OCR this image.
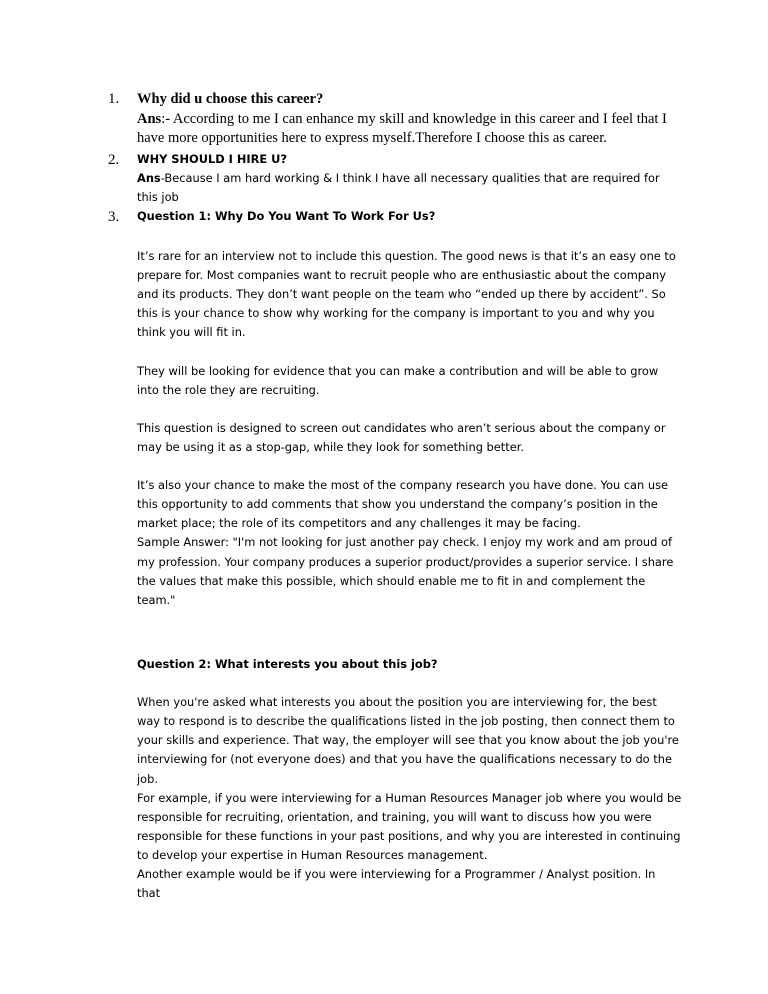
1.	Why did u choose this career?
Ans:- According to me I can enhance my skill and knowledge in this career and I feel that I have more opportunities here to express myself.Therefore I choose this as career.
2.	WHY SHOULD I HIRE U?
Ans-Because I am hard working & I think I have all necessary qualities that are required for this job
3.	Question 1: Why Do You Want To Work For Us?

It’s rare for an interview not to include this question. The good news is that it’s an easy one to prepare for. Most companies want to recruit people who are enthusiastic about the company and its products. They don’t want people on the team who “ended up there by accident”. So this is your chance to show why working for the company is important to you and why you think you will fit in.

They will be looking for evidence that you can make a contribution and will be able to grow into the role they are recruiting.

This question is designed to screen out candidates who aren’t serious about the company or may be using it as a stop-gap, while they look for something better.

It’s also your chance to make the most of the company research you have done. You can use this opportunity to add comments that show you understand the company’s position in the market place; the role of its competitors and any challenges it may be facing.

Sample Answer: "I'm not looking for just another pay check. I enjoy my work and am proud of my profession. Your company produces a superior product/provides a superior service. I share the values that make this possible, which should enable me to fit in and complement the team."

Question 2: What interests you about this job?

When you're asked what interests you about the position you are interviewing for, the best way to respond is to describe the qualifications listed in the job posting, then connect them to your skills and experience. That way, the employer will see that you know about the job you're interviewing for (not everyone does) and that you have the qualifications necessary to do the job.

For example, if you were interviewing for a Human Resources Manager job where you would be responsible for recruiting, orientation, and training, you will want to discuss how you were responsible for these functions in your past positions, and why you are interested in continuing to develop your expertise in Human Resources management.

Another example would be if you were interviewing for a Programmer / Analyst position. In that
